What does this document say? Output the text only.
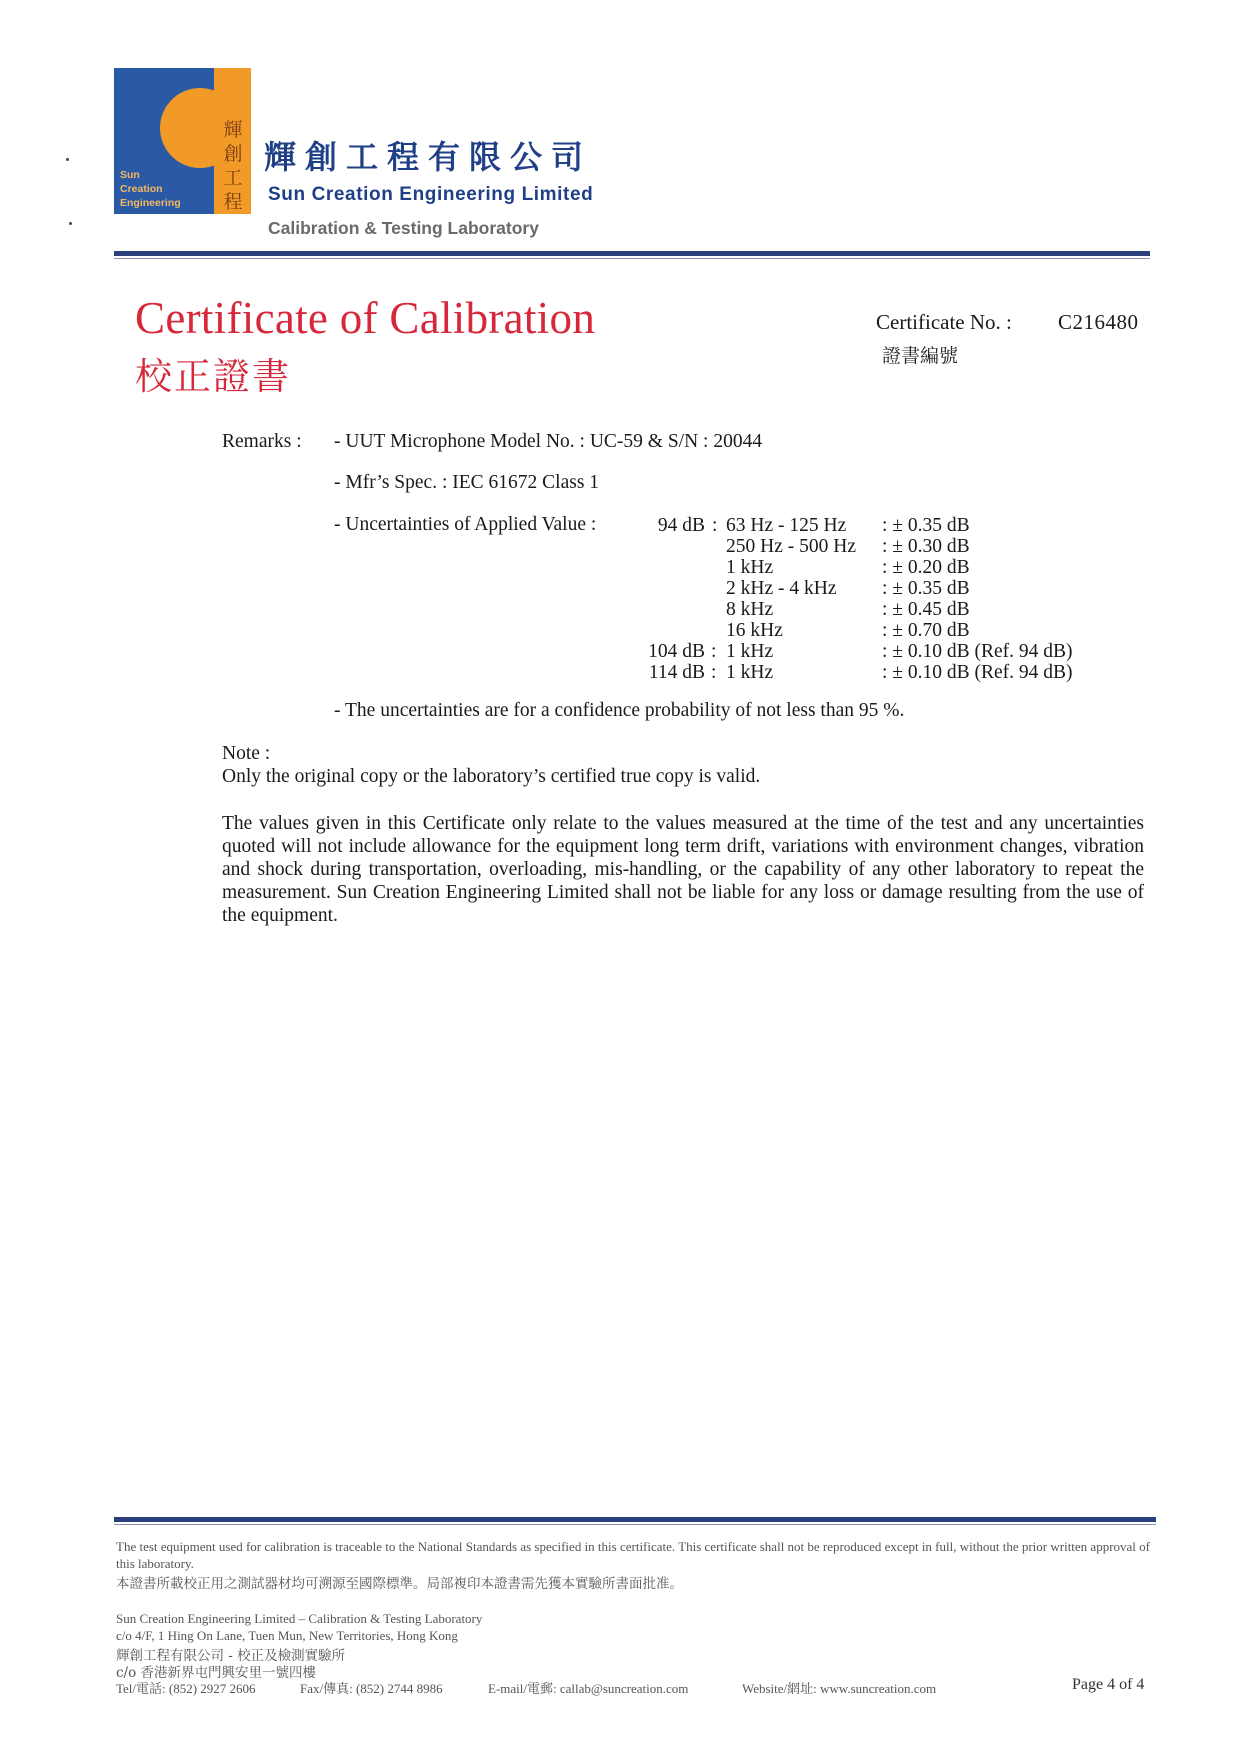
Sun
Creation
Engineering
輝
創
工
程
輝創工程有限公司
Sun Creation Engineering Limited
Calibration & Testing Laboratory
Certificate of Calibration
校正證書
Certificate No. : C216480
證書編號
Remarks : - UUT Microphone Model No. : UC-59 & S/N : 20044
- Mfr’s Spec. : IEC 61672 Class 1
- Uncertainties of Applied Value :	94 dB : 63 Hz - 125 Hz : ± 0.35 dB
250 Hz - 500 Hz : ± 0.30 dB
1 kHz	: ± 0.20 dB
2 kHz - 4 kHz : ± 0.35 dB
8 kHz	: ± 0.45 dB
16 kHz	: ± 0.70 dB
104 dB : 1 kHz	: ± 0.10 dB (Ref. 94 dB)
114 dB : 1 kHz	: ± 0.10 dB (Ref. 94 dB)
- The uncertainties are for a confidence probability of not less than 95 %.
Note :
Only the original copy or the laboratory’s certified true copy is valid.
The values given in this Certificate only relate to the values measured at the time of the test and any uncertainties quoted will not include allowance for the equipment long term drift, variations with environment changes, vibration and shock during transportation, overloading, mis-handling, or the capability of any other laboratory to repeat the measurement. Sun Creation Engineering Limited shall not be liable for any loss or damage resulting from the use of the equipment.
The test equipment used for calibration is traceable to the National Standards as specified in this certificate. This certificate shall not be reproduced except in full, without the prior written approval of this laboratory.
本證書所載校正用之測試器材均可溯源至國際標準。局部複印本證書需先獲本實驗所書面批准。
Sun Creation Engineering Limited – Calibration & Testing Laboratory
c/o 4/F, 1 Hing On Lane, Tuen Mun, New Territories, Hong Kong
輝創工程有限公司 - 校正及檢測實驗所
c/o 香港新界屯門興安里一號四樓
Tel/電話: (852) 2927 2606	Fax/傳真: (852) 2744 8986	E-mail/電郵: callab@suncreation.com	Website/網址: www.suncreation.com	Page 4 of 4
